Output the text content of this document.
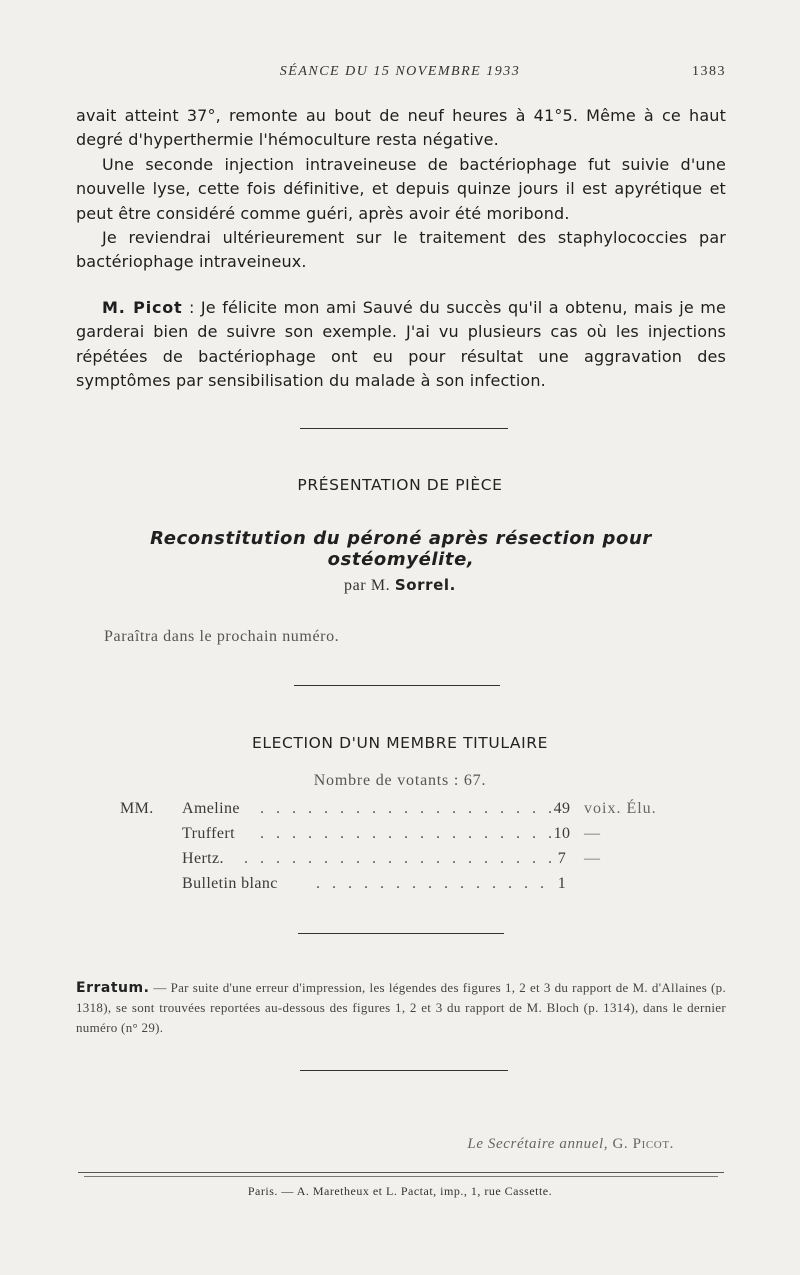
SÉANCE DU 15 NOVEMBRE 1933	1383

avait atteint 37°, remonte au bout de neuf heures à 41°5. Même à ce haut degré d'hyperthermie l'hémoculture resta négative.

Une seconde injection intraveineuse de bactériophage fut suivie d'une nouvelle lyse, cette fois définitive, et depuis quinze jours il est apyrétique et peut être considéré comme guéri, après avoir été moribond.

Je reviendrai ultérieurement sur le traitement des staphylococcies par bactériophage intraveineux.

M. Picot : Je félicite mon ami Sauvé du succès qu'il a obtenu, mais je me garderai bien de suivre son exemple. J'ai vu plusieurs cas où les injections répétées de bactériophage ont eu pour résultat une aggravation des symptômes par sensibilisation du malade à son infection.

PRÉSENTATION DE PIÈCE
Reconstitution du péroné après résection pour ostéomyélite,
par M. Sorrel.
Paraîtra dans le prochain numéro.
ELECTION D'UN MEMBRE TITULAIRE
Nombre de votants : 67.
MM. Ameline . . . . . . . . . . . . . . . . . . .
49 voix. Élu.
Truffert . . . . . . . . . . . . . . . . . . .
10 —
Hertz. . . . . . . . . . . . . . . . . . . . . 7	—
Bulletin blanc . . . . . . . . . . . . . . . 1
Erratum. — Par suite d'une erreur d'impression, les légendes des figures 1, 2 et 3 du rapport de M. d'Allaines (p. 1318), se sont trouvées reportées au-dessous des figures 1, 2 et 3 du rapport de M. Bloch (p. 1314), dans le dernier numéro (n° 29).
Le Secrétaire annuel, G. Picot.
Paris. — A. Maretheux et L. Pactat, imp., 1, rue Cassette.
